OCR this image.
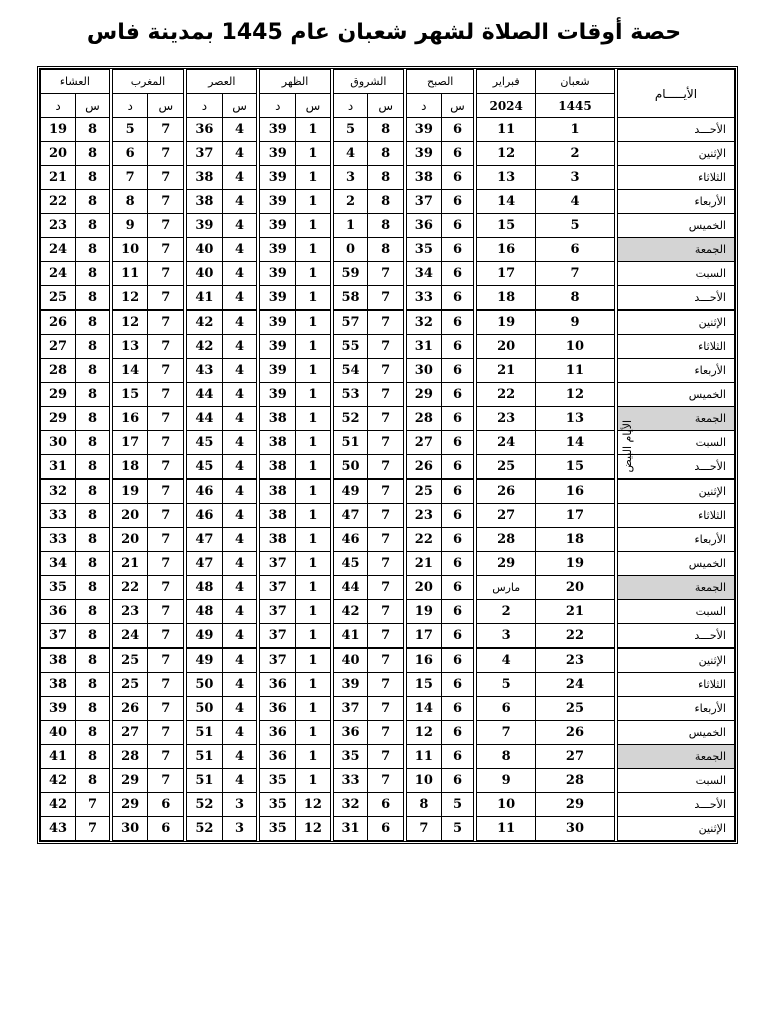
حصة أوقات الصلاة لشهر شعبان عام 1445 بمدينة فاس
العشاء		المغرب		العصر		الظهر		الشروق		الصبح		فبراير	شعبان	الأيـــــام
د	س	د	س	د	س	د	س	د	س	د	س	2024	1445	
19	8	5	7	36	4	39	1	5	8	39	6	11	1	الأحـــد
20	8	6	7	37	4	39	1	4	8	39	6	12	2	الإثنين
21	8	7	7	38	4	39	1	3	8	38	6	13	3	الثلاثاء
22	8	8	7	38	4	39	1	2	8	37	6	14	4	الأربعاء
23	8	9	7	39	4	39	1	1	8	36	6	15	5	الخميس
24	8	10	7	40	4	39	1	0	8	35	6	16	6	الجمعة
24	8	11	7	40	4	39	1	59	7	34	6	17	7	السبت
25	8	12	7	41	4	39	1	58	7	33	6	18	8	الأحـــد
26	8	12	7	42	4	39	1	57	7	32	6	19	9	الإثنين
27	8	13	7	42	4	39	1	55	7	31	6	20	10	الثلاثاء
28	8	14	7	43	4	39	1	54	7	30	6	21	11	الأربعاء
29	8	15	7	44	4	39	1	53	7	29	6	22	12	الخميس
29	8	16	7	44	4	38	1	52	7	28	6	23	13	الجمعة
30	8	17	7	45	4	38	1	51	7	27	6	24	14	السبت
31	8	18	7	45	4	38	1	50	7	26	6	25	15	الأحـــد
32	8	19	7	46	4	38	1	49	7	25	6	26	16	الإثنين
33	8	20	7	46	4	38	1	47	7	23	6	27	17	الثلاثاء
33	8	20	7	47	4	38	1	46	7	22	6	28	18	الأربعاء
34	8	21	7	47	4	37	1	45	7	21	6	29	19	الخميس
35	8	22	7	48	4	37	1	44	7	20	6	مارس	20	الجمعة
36	8	23	7	48	4	37	1	42	7	19	6	2	21	السبت
37	8	24	7	49	4	37	1	41	7	17	6	3	22	الأحـــد
38	8	25	7	49	4	37	1	40	7	16	6	4	23	الإثنين
38	8	25	7	50	4	36	1	39	7	15	6	5	24	الثلاثاء
39	8	26	7	50	4	36	1	37	7	14	6	6	25	الأربعاء
40	8	27	7	51	4	36	1	36	7	12	6	7	26	الخميس
41	8	28	7	51	4	36	1	35	7	11	6	8	27	الجمعة
42	8	29	7	51	4	35	1	33	7	10	6	9	28	السبت
42	7	29	6	52	3	35	12	32	6	8	5	10	29	الأحـــد
43	7	30	6	52	3	35	12	31	6	7	5	11	30	الإثنين
الأيام البيض
